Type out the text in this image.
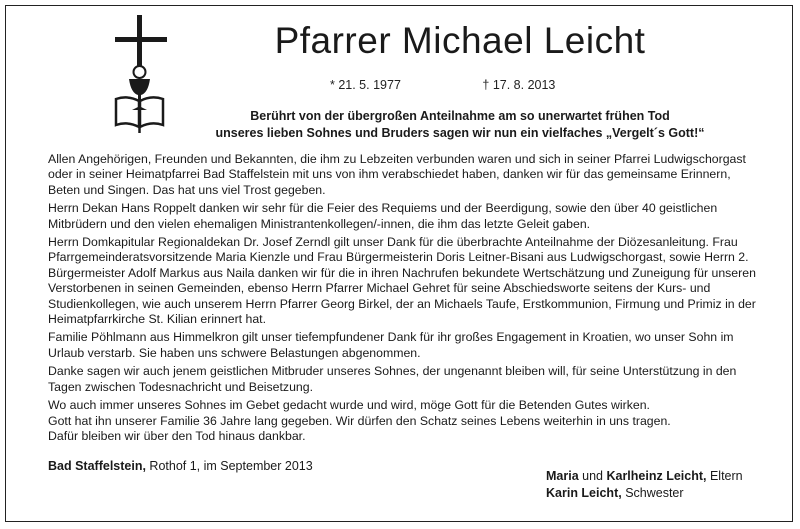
Pfarrer Michael Leicht
* 21. 5. 1977	† 17. 8. 2013
Berührt von der übergroßen Anteilnahme am so unerwartet frühen Tod
unseres lieben Sohnes und Bruders sagen wir nun ein vielfaches „Vergelt´s Gott!“

Allen Angehörigen, Freunden und Bekannten, die ihm zu Lebzeiten verbunden waren und sich in seiner Pfarrei Ludwigschorgast oder in seiner Heimatpfarrei Bad Staffelstein mit uns von ihm verabschiedet haben, danken wir für das gemeinsame Erinnern, Beten und Singen. Das hat uns viel Trost gegeben.

Herrn Dekan Hans Roppelt danken wir sehr für die Feier des Requiems und der Beerdigung, sowie den über 40 geistlichen Mitbrüdern und den vielen ehemaligen Ministrantenkollegen/-innen, die ihm das letzte Geleit gaben.

Herrn Domkapitular Regionaldekan Dr. Josef Zerndl gilt unser Dank für die überbrachte Anteilnahme der Diözesanleitung. Frau Pfarrgemeinderatsvorsitzende Maria Kienzle und Frau Bürgermeisterin Doris Leitner-Bisani aus Ludwigschorgast, sowie Herrn 2. Bürgermeister Adolf Markus aus Naila danken wir für die in ihren Nachrufen bekundete Wertschätzung und Zuneigung für unseren Verstorbenen in seinen Gemeinden, ebenso Herrn Pfarrer Michael Gehret für seine Abschiedsworte seitens der Kurs- und Studienkollegen, wie auch unserem Herrn Pfarrer Georg Birkel, der an Michaels Taufe, Erstkommunion, Firmung und Primiz in der Heimatpfarrkirche St. Kilian erinnert hat.

Familie Pöhlmann aus Himmelkron gilt unser tiefempfundener Dank für ihr großes Engagement in Kroatien, wo unser Sohn im Urlaub verstarb. Sie haben uns schwere Belastungen abgenommen.

Danke sagen wir auch jenem geistlichen Mitbruder unseres Sohnes, der ungenannt bleiben will, für seine Unterstützung in den Tagen zwischen Todesnachricht und Beisetzung.

Wo auch immer unseres Sohnes im Gebet gedacht wurde und wird, möge Gott für die Betenden Gutes wirken.

Gott hat ihn unserer Familie 36 Jahre lang gegeben. Wir dürfen den Schatz seines Lebens weiterhin in uns tragen.

Dafür bleiben wir über den Tod hinaus dankbar.

Bad Staffelstein, Rothof 1, im September 2013
Maria und Karlheinz Leicht, Eltern
Karin Leicht, Schwester
